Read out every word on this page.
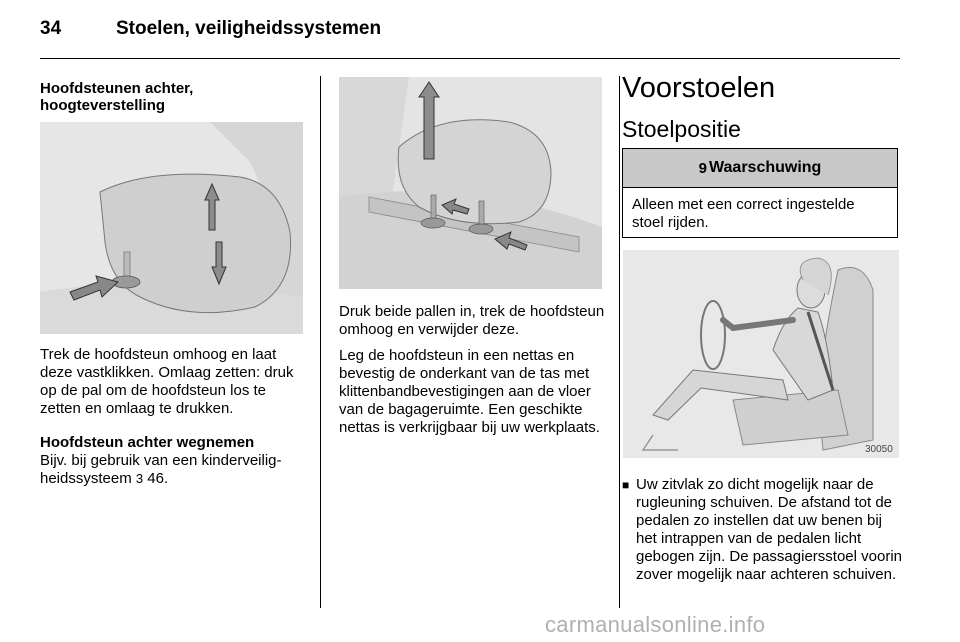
34	Stoelen, veiligheidssystemen
Hoofdsteunen achter,
hoogteverstelling

Trek de hoofdsteun omhoog en laat deze vastklikken. Omlaag zetten: druk op de pal om de hoofdsteun los te zetten en omlaag te drukken.

Hoofdsteun achter wegnemen

Bijv. bij gebruik van een kinderveiligheidssysteem 3 46.

Druk beide pallen in, trek de hoofdsteun omhoog en verwijder deze.

Leg de hoofdsteun in een nettas en bevestig de onderkant van de tas met klittenbandbevestigingen aan de vloer van de bagageruimte. Een geschikte nettas is verkrijgbaar bij uw werkplaats.

Voorstoelen
Stoelpositie
9 Waarschuwing
Alleen met een correct ingestelde stoel rijden.
30050
■ Uw zitvlak zo dicht mogelijk naar de rugleuning schuiven. De afstand tot de pedalen zo instellen dat uw benen bij het intrappen van de pedalen licht gebogen zijn. De passagiersstoel voorin zover mogelijk naar achteren schuiven.
carmanualsonline.info
